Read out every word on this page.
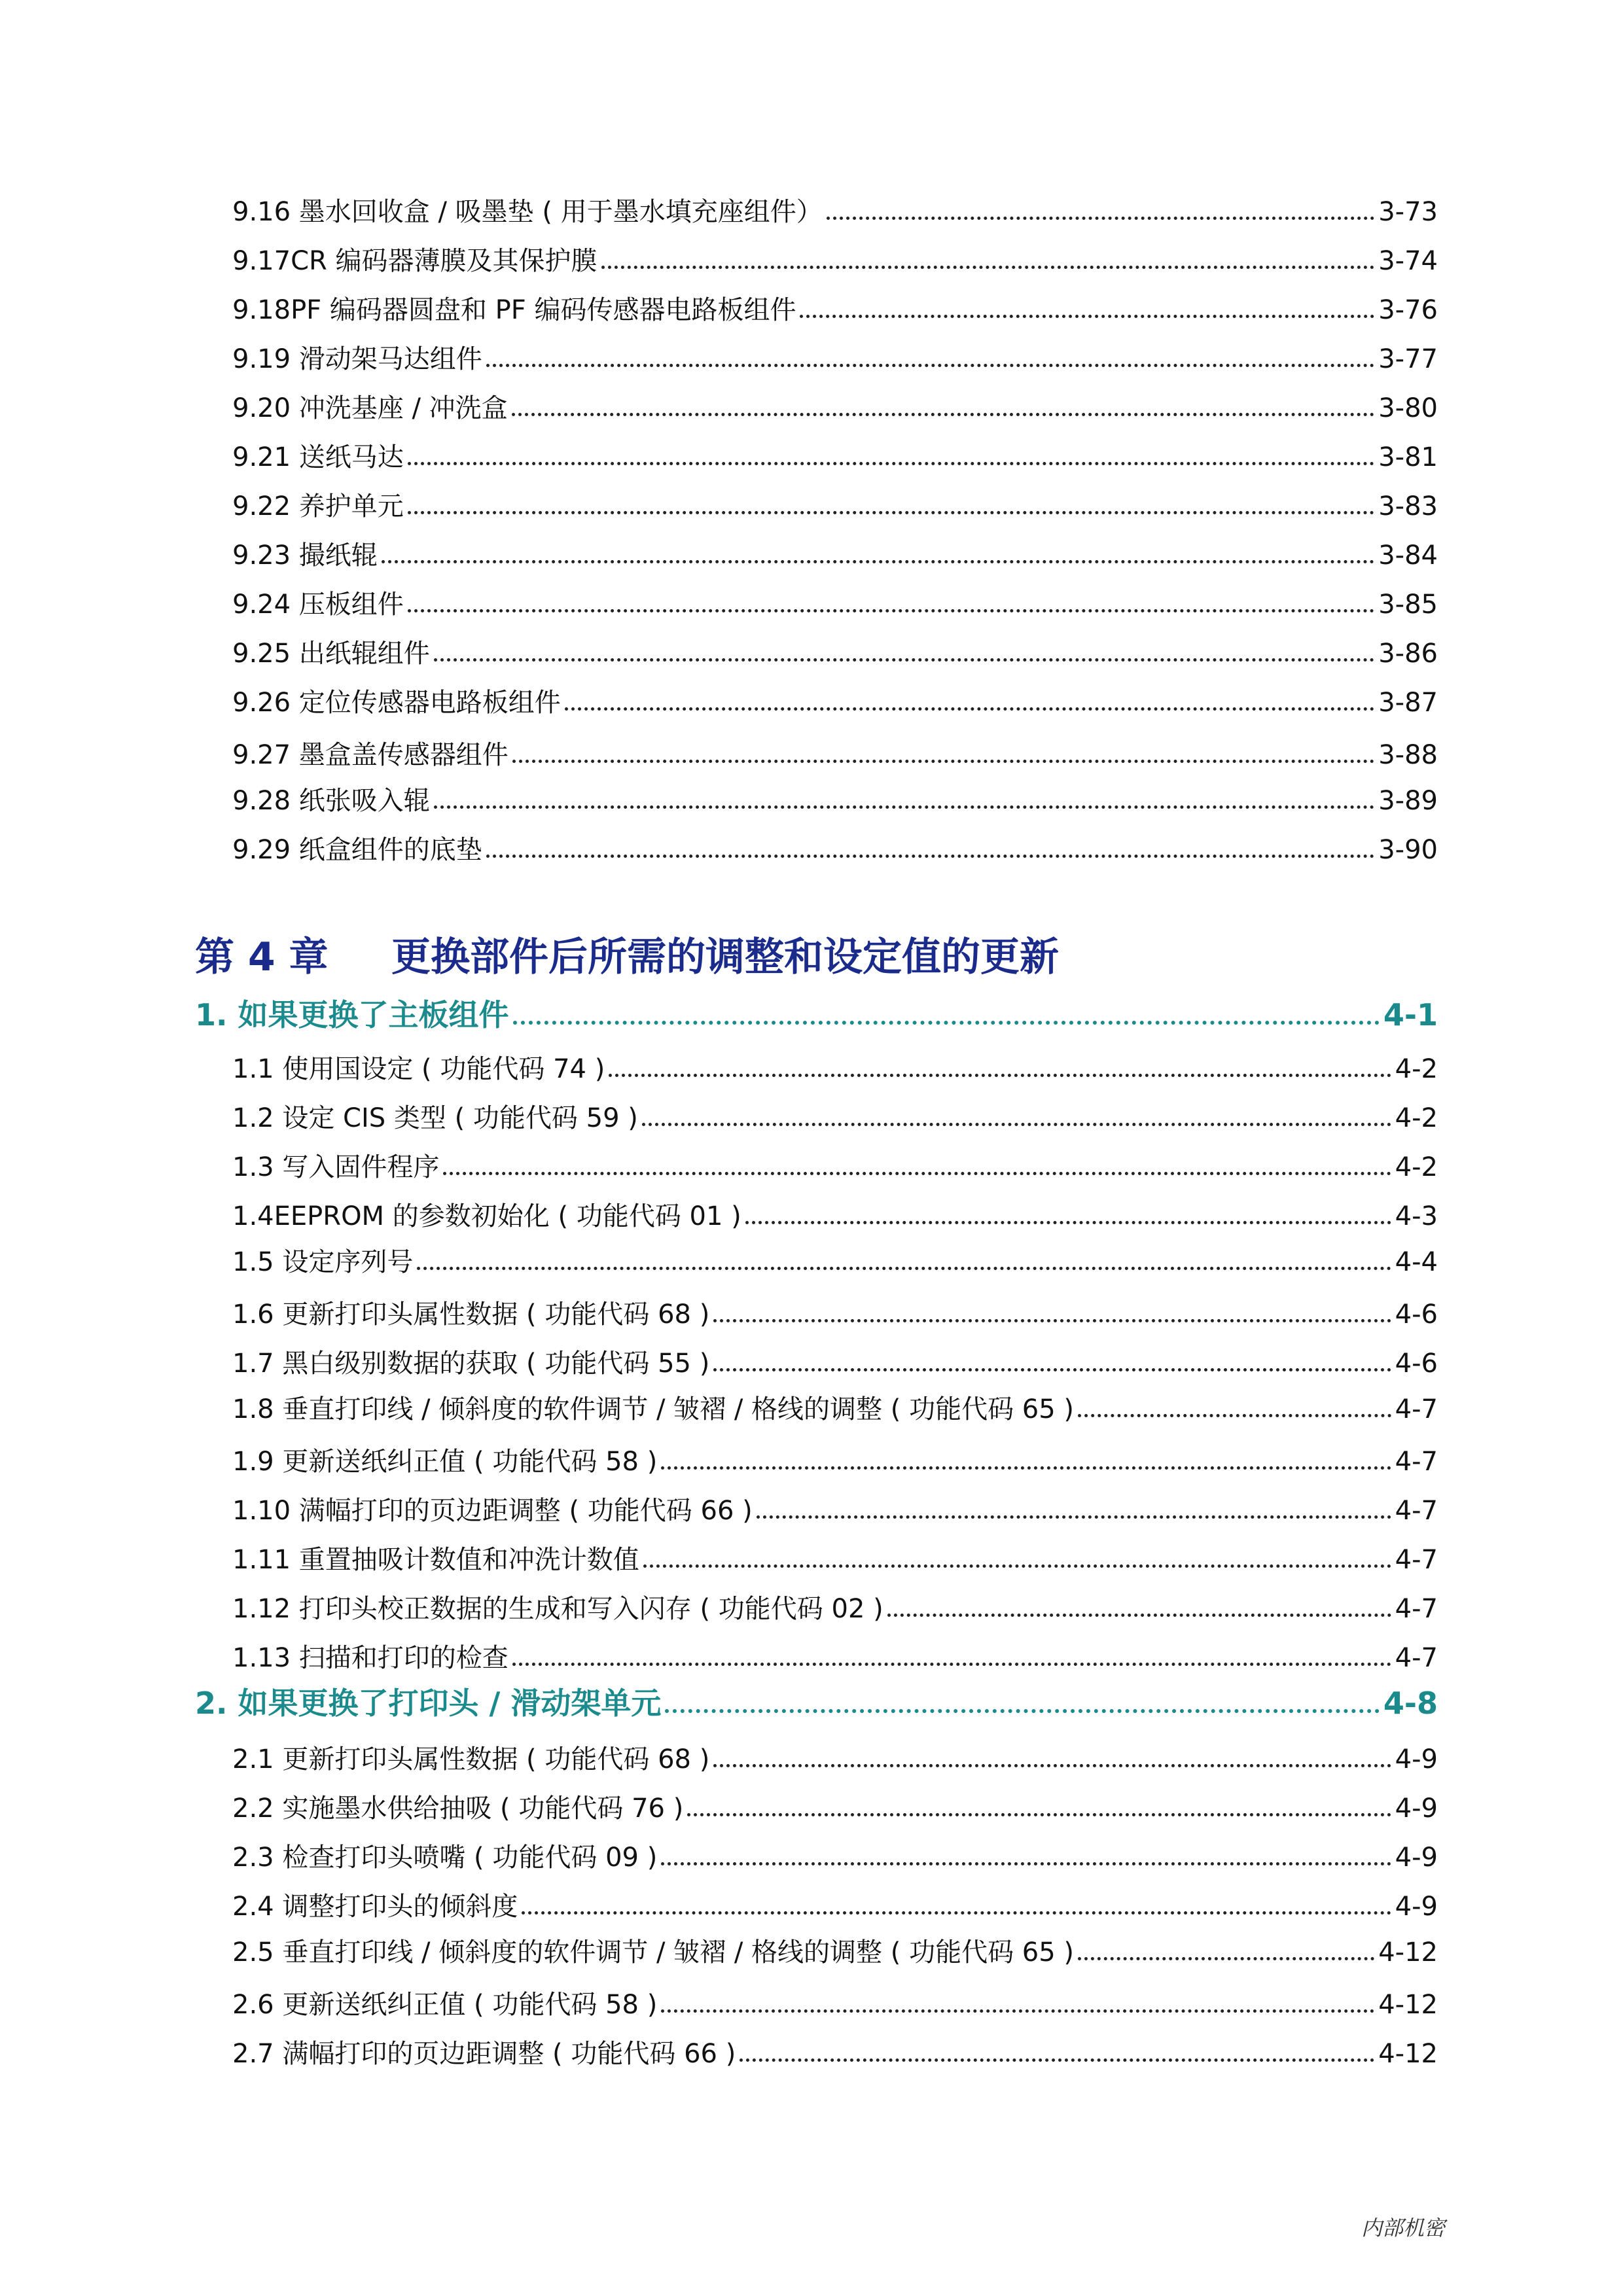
9.16 墨水回收盒 / 吸墨垫 ( 用于墨水填充座组件）	3-73
9.17CR 编码器薄膜及其保护膜	3-74
9.18PF 编码器圆盘和 PF 编码传感器电路板组件	3-76
9.19 滑动架马达组件	3-77
9.20 冲洗基座 / 冲洗盒	3-80
9.21 送纸马达	3-81
9.22 养护单元	3-83
9.23 撮纸辊	3-84
9.24 压板组件	3-85
9.25 出纸辊组件	3-86
9.26 定位传感器电路板组件	3-87
9.27 墨盒盖传感器组件	3-88
9.28 纸张吸入辊	3-89
9.29 纸盒组件的底垫	3-90
第 4 章	更换部件后所需的调整和设定值的更新
1. 如果更换了主板组件	4-1
1.1 使用国设定 ( 功能代码 74 )	4-2
1.2 设定 CIS 类型 ( 功能代码 59 )	4-2
1.3 写入固件程序	4-2
1.4EEPROM 的参数初始化 ( 功能代码 01 )	4-3
1.5 设定序列号	4-4
1.6 更新打印头属性数据 ( 功能代码 68 )	4-6
1.7 黑白级别数据的获取 ( 功能代码 55 )	4-6
1.8 垂直打印线 / 倾斜度的软件调节 / 皱褶 / 格线的调整 ( 功能代码 65 )	4-7
1.9 更新送纸纠正值 ( 功能代码 58 )	4-7
1.10 满幅打印的页边距调整 ( 功能代码 66 )	4-7
1.11 重置抽吸计数值和冲洗计数值	4-7
1.12 打印头校正数据的生成和写入闪存 ( 功能代码 02 )	4-7
1.13 扫描和打印的检查	4-7
2. 如果更换了打印头 / 滑动架单元	4-8
2.1 更新打印头属性数据 ( 功能代码 68 )	4-9
2.2 实施墨水供给抽吸 ( 功能代码 76 )	4-9
2.3 检查打印头喷嘴 ( 功能代码 09 )	4-9
2.4 调整打印头的倾斜度	4-9
2.5 垂直打印线 / 倾斜度的软件调节 / 皱褶 / 格线的调整 ( 功能代码 65 )	4-12
2.6 更新送纸纠正值 ( 功能代码 58 )	4-12
2.7 满幅打印的页边距调整 ( 功能代码 66 )	4-12
内部机密
